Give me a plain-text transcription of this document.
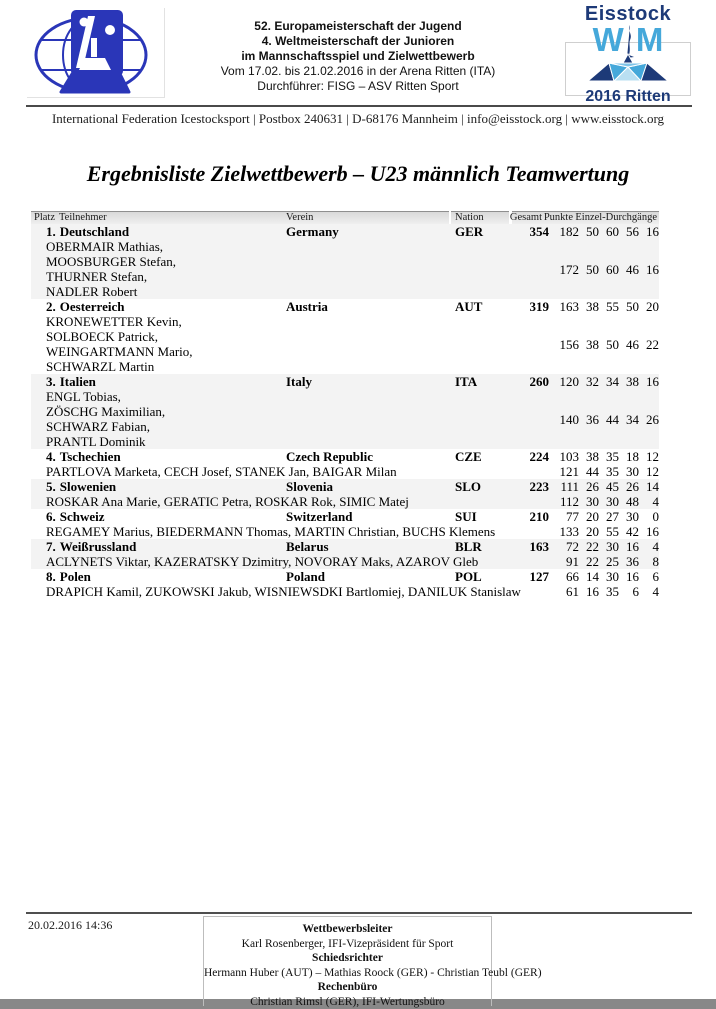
52. Europameisterschaft der Jugend
4. Weltmeisterschaft der Junioren
im Mannschaftsspiel und Zielwettbewerb
Vom 17.02. bis 21.02.2016 in der Arena Ritten (ITA)
Durchführer: FISG – ASV Ritten Sport
Eisstock
W M
2016 Ritten
International Federation Icestocksport | Postbox 240631 | D-68176 Mannheim | info@eisstock.org | www.eisstock.org
Ergebnisliste Zielwettbewerb – U23 männlich Teamwertung
Platz Teilnehmer	Verein	Nation	Gesamt Punkte Einzel-Durchgänge
1. Deutschland
OBERMAIR Mathias,
MOOSBURGER Stefan,
THURNER Stefan,
NADLER Robert
Germany	GER	354 182 50 60 56 16
172 50 60 46 16
2. Oesterreich
KRONEWETTER Kevin,
SOLBOECK Patrick,
WEINGARTMANN Mario,
SCHWARZL Martin
Austria	AUT	319 163 38 55 50 20
156 38 50 46 22
3. Italien
ENGL Tobias,
ZÖSCHG Maximilian,
SCHWARZ Fabian,
PRANTL Dominik
Italy	ITA	260 120 32 34 38 16
140 36 44 34 26
4. Tschechien
PARTLOVA Marketa, CECH Josef, STANEK Jan, BAIGAR Milan
Czech Republic	CZE	224 103 38 35 18 12
121 44 35 30 12
5. Slowenien
ROSKAR Ana Marie, GERATIC Petra, ROSKAR Rok, SIMIC Matej
Slovenia	SLO	223 111 26 45 26 14
112 30 30 48	4
6. Schweiz
REGAMEY Marius, BIEDERMANN Thomas, MARTIN Christian, BUCHS Klemens
Switzerland	SUI	210	77 20 27 30	0
133 20 55 42 16
7. Weißrussland
ACLYNETS Viktar, KAZERATSKY Dzimitry, NOVORAY Maks, AZAROV Gleb
Belarus	BLR	163	72 22 30 16	4
91 22 25 36	8
8. Polen
DRAPICH Kamil, ZUKOWSKI Jakub, WISNIEWSDKI Bartlomiej, DANILUK Stanislaw
Poland	POL	127	66 14 30 16	6
61 16 35	6	4
20.02.2016 14:36	Wettbewerbsleiter
Karl Rosenberger, IFI-Vizepräsident für Sport
Schiedsrichter
Hermann Huber (AUT) – Mathias Roock (GER) - Christian Teubl (GER)
Rechenbüro
Christian Rimsl (GER), IFI-Wertungsbüro
